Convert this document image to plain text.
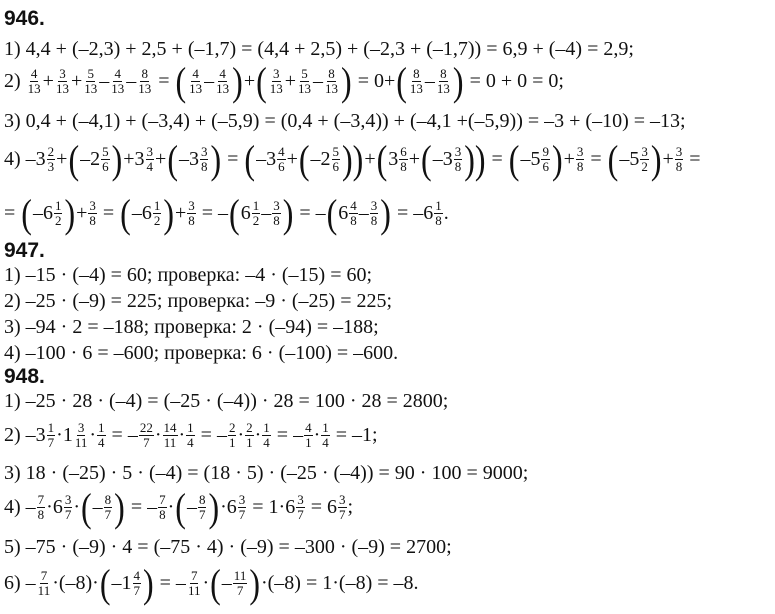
946.
1) 4,4 + (–2,3) + 2,5 + (–1,7) = (4,4 + 2,5) + (–2,3 + (–1,7)) = 6,9 + (–4) = 2,9;
2)
$\frac{4}{13} + \frac{3}{13} + \frac{5}{13} - \frac{4}{13} - \frac{8}{13}$ = ( $\frac{4}{13} - \frac{4}{13}$ ) + ( $\frac{3}{13} + \frac{5}{13} - \frac{8}{13}$ ) = 0+ ( $\frac{8}{13} - \frac{8}{13}$ ) = 0 + 0 = 0;
3) 0,4 + (–4,1) + (–3,4) + (–5,9) = (0,4 + (–3,4)) + (–4,1 +(–5,9)) = –3 + (–10) = –13;
4) $-3 \frac{2}{3}$ + ( $-2 \frac{5}{6}$ ) $+3 \frac{3}{4}$ + ( $-3 \frac{3}{8}$ ) = ( $-3 \frac{4}{6}$ + ( $-2 \frac{5}{6}$ )) + ( $3 \frac{6}{8}$ + ( $-3 \frac{3}{8}$ )) = ( $-5 \frac{9}{6}$ ) + $\frac{3}{8}$ = ( $-5 \frac{3}{2}$ ) + $\frac{3}{8}$ =
= ( $-6 \frac{1}{2}$ ) + $\frac{3}{8}$ = ( $-6 \frac{1}{2}$ ) + $\frac{3}{8}$ = – ( $6 \frac{1}{2} - \frac{3}{8}$ ) = – ( $6 \frac{4}{8} - \frac{3}{8}$ ) = $-6 \frac{1}{8}$ .
947.
1) –15 · (–4) = 60; проверка: –4 · (–15) = 60;
2) –25 · (–9) = 225; проверка: –9 · (–25) = 225;
3) –94 · 2 = –188; проверка: 2 · (–94) = –188;
4) –100 · 6 = –600; проверка: 6 · (–100) = –600.
948.
1) –25 · 28 · (–4) = (–25 · (–4)) · 28 = 100 · 28 = 2800;
2) $-3 \frac{1}{7} \cdot 1 \frac{3}{11} \cdot \frac{1}{4}$ = – $\frac{22}{7} \cdot \frac{14}{11} \cdot \frac{1}{4}$ = – $\frac{2}{1} \cdot \frac{2}{1} \cdot \frac{1}{4}$ = – $\frac{4}{1} \cdot \frac{1}{4} = -1$;
3) 18 · (–25) · 5 · (–4) = (18 · 5) · (–25 · (–4)) = 90 · 100 = 9000;
$4) - \frac{7}{8} \cdot 6 \frac{3}{7}$ · ( – $\frac{8}{7}$ ) = – $\frac{7}{8}$ · ( – $\frac{8}{7}$ ) $\cdot 6 \frac{3}{7} = 1\cdot 6 \frac{3}{7} = 6 \frac{3}{7}$ ;
5) –75 · (–9) · 4 = (–75 · 4) · (–9) = –300 · (–9) = 2700;
$6) - \frac{7}{11} \cdot(-8)\cdot$ ( $-1 \frac{4}{7}$ ) = – $\frac{7}{11}$ · ( – $\frac{11}{7}$ ) ·(–8) = 1·(–8) = –8.
